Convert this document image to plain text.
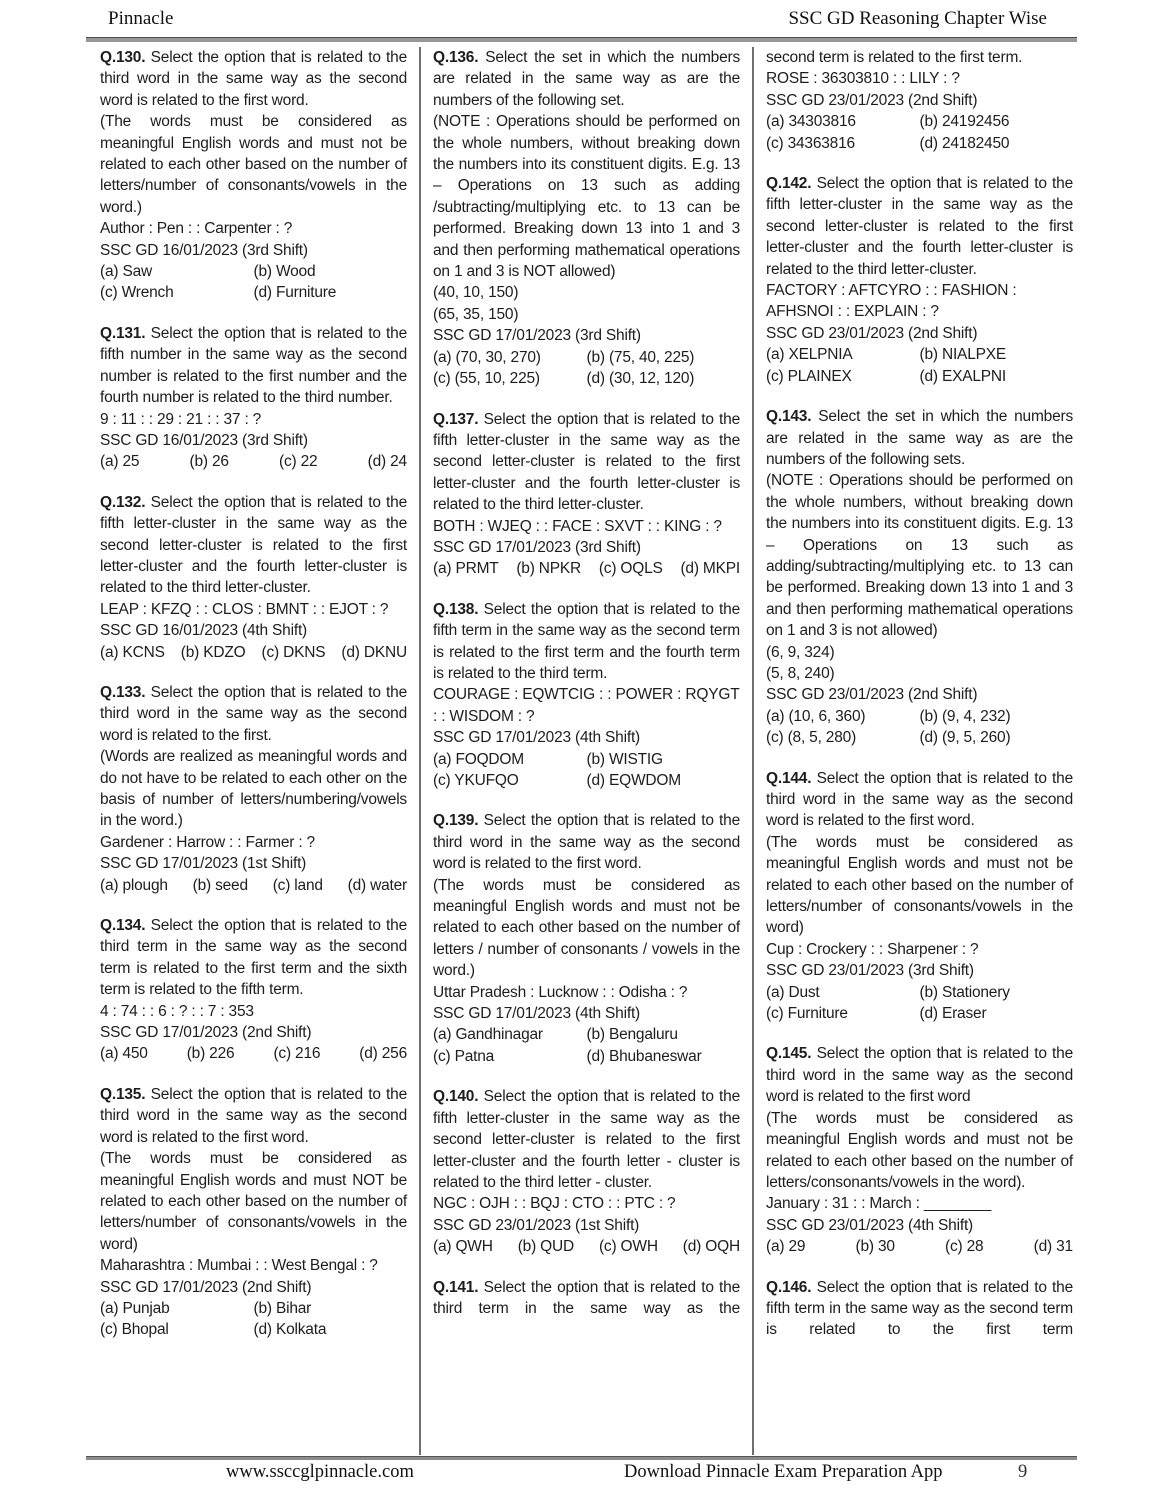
Pinnacle	SSC GD Reasoning Chapter Wise

Q.130. Select the option that is related to the third word in the same way as the second word is related to the first word.

(The words must be considered as meaningful English words and must not be related to each other based on the number of letters/number of consonants/vowels in the word.)

Author : Pen : : Carpenter : ?

SSC GD 16/01/2023 (3rd Shift)

(a) Saw	(b) Wood
(c) Wrench	(d) Furniture

Q.131. Select the option that is related to the fifth number in the same way as the second number is related to the first number and the fourth number is related to the third number.

9 : 11 : : 29 : 21 : : 37 : ?

SSC GD 16/01/2023 (3rd Shift)

(a) 25	(b) 26	(c) 22	(d) 24

Q.132. Select the option that is related to the fifth letter-cluster in the same way as the second letter-cluster is related to the first letter-cluster and the fourth letter-cluster is related to the third letter-cluster.

LEAP : KFZQ : : CLOS : BMNT : : EJOT : ?

SSC GD 16/01/2023 (4th Shift)

(a) KCNS (b) KDZO (c) DKNS (d) DKNU

Q.133. Select the option that is related to the third word in the same way as the second word is related to the first.

(Words are realized as meaningful words and do not have to be related to each other on the basis of number of letters/numbering/vowels in the word.)

Gardener : Harrow : : Farmer : ?

SSC GD 17/01/2023 (1st Shift)

(a) plough (b) seed (c) land (d) water

Q.134. Select the option that is related to the third term in the same way as the second term is related to the first term and the sixth term is related to the fifth term.

4 : 74 : : 6 : ? : : 7 : 353

SSC GD 17/01/2023 (2nd Shift)

(a) 450	(b) 226	(c) 216	(d) 256

Q.135. Select the option that is related to the third word in the same way as the second word is related to the first word.

(The words must be considered as meaningful English words and must NOT be related to each other based on the number of letters/number of consonants/vowels in the word)

Maharashtra : Mumbai : : West Bengal : ?

SSC GD 17/01/2023 (2nd Shift)

(a) Punjab	(b) Bihar
(c) Bhopal	(d) Kolkata

Q.136. Select the set in which the numbers are related in the same way as are the numbers of the following set.

(NOTE : Operations should be performed on the whole numbers, without breaking down the numbers into its constituent digits. E.g. 13 – Operations on 13 such as adding /subtracting/multiplying etc. to 13 can be performed. Breaking down 13 into 1 and 3 and then performing mathematical operations on 1 and 3 is NOT allowed)

(40, 10, 150)

(65, 35, 150)

SSC GD 17/01/2023 (3rd Shift)

(a) (70, 30, 270)	(b) (75, 40, 225)
(c) (55, 10, 225)	(d) (30, 12, 120)

Q.137. Select the option that is related to the fifth letter-cluster in the same way as the second letter-cluster is related to the first letter-cluster and the fourth letter-cluster is related to the third letter-cluster.

BOTH : WJEQ : : FACE : SXVT : : KING : ?

SSC GD 17/01/2023 (3rd Shift)

(a) PRMT (b) NPKR (c) OQLS (d) MKPI

Q.138. Select the option that is related to the fifth term in the same way as the second term is related to the first term and the fourth term is related to the third term.

COURAGE : EQWTCIG : : POWER : RQYGT : : WISDOM : ?

SSC GD 17/01/2023 (4th Shift)

(a) FOQDOM	(b) WISTIG
(c) YKUFQO	(d) EQWDOM

Q.139. Select the option that is related to the third word in the same way as the second word is related to the first word.

(The words must be considered as meaningful English words and must not be related to each other based on the number of letters / number of consonants / vowels in the word.)

Uttar Pradesh : Lucknow : : Odisha : ?

SSC GD 17/01/2023 (4th Shift)

(a) Gandhinagar	(b) Bengaluru
(c) Patna	(d) Bhubaneswar

Q.140. Select the option that is related to the fifth letter-cluster in the same way as the second letter-cluster is related to the first letter-cluster and the fourth letter - cluster is related to the third letter - cluster.

NGC : OJH : : BQJ : CTO : : PTC : ?

SSC GD 23/01/2023 (1st Shift)

(a) QWH (b) QUD (c) OWH (d) OQH

Q.141. Select the option that is related to the third term in the same way as the

second term is related to the first term.

ROSE : 36303810 : : LILY : ?

SSC GD 23/01/2023 (2nd Shift)

(a) 34303816	(b) 24192456
(c) 34363816	(d) 24182450

Q.142. Select the option that is related to the fifth letter-cluster in the same way as the second letter-cluster is related to the first letter-cluster and the fourth letter-cluster is related to the third letter-cluster.

FACTORY : AFTCYRO : : FASHION : AFHSNOI : : EXPLAIN : ?

SSC GD 23/01/2023 (2nd Shift)

(a) XELPNIA	(b) NIALPXE
(c) PLAINEX	(d) EXALPNI

Q.143. Select the set in which the numbers are related in the same way as are the numbers of the following sets.

(NOTE : Operations should be performed on the whole numbers, without breaking down the numbers into its constituent digits. E.g. 13 – Operations on 13 such as adding/subtracting/multiplying etc. to 13 can be performed. Breaking down 13 into 1 and 3 and then performing mathematical operations on 1 and 3 is not allowed)

(6, 9, 324)

(5, 8, 240)

SSC GD 23/01/2023 (2nd Shift)

(a) (10, 6, 360)	(b) (9, 4, 232)
(c) (8, 5, 280)	(d) (9, 5, 260)

Q.144. Select the option that is related to the third word in the same way as the second word is related to the first word.

(The words must be considered as meaningful English words and must not be related to each other based on the number of letters/number of consonants/vowels in the word)

Cup : Crockery : : Sharpener : ?

SSC GD 23/01/2023 (3rd Shift)

(a) Dust	(b) Stationery
(c) Furniture	(d) Eraser

Q.145. Select the option that is related to the third word in the same way as the second word is related to the first word

(The words must be considered as meaningful English words and must not be related to each other based on the number of letters/consonants/vowels in the word).

January : 31 : : March : ________

SSC GD 23/01/2023 (4th Shift)

(a) 29	(b) 30	(c) 28	(d) 31

Q.146. Select the option that is related to the fifth term in the same way as the second term is related to the first term

www.ssccglpinnacle.com	Download Pinnacle Exam Preparation App	9
